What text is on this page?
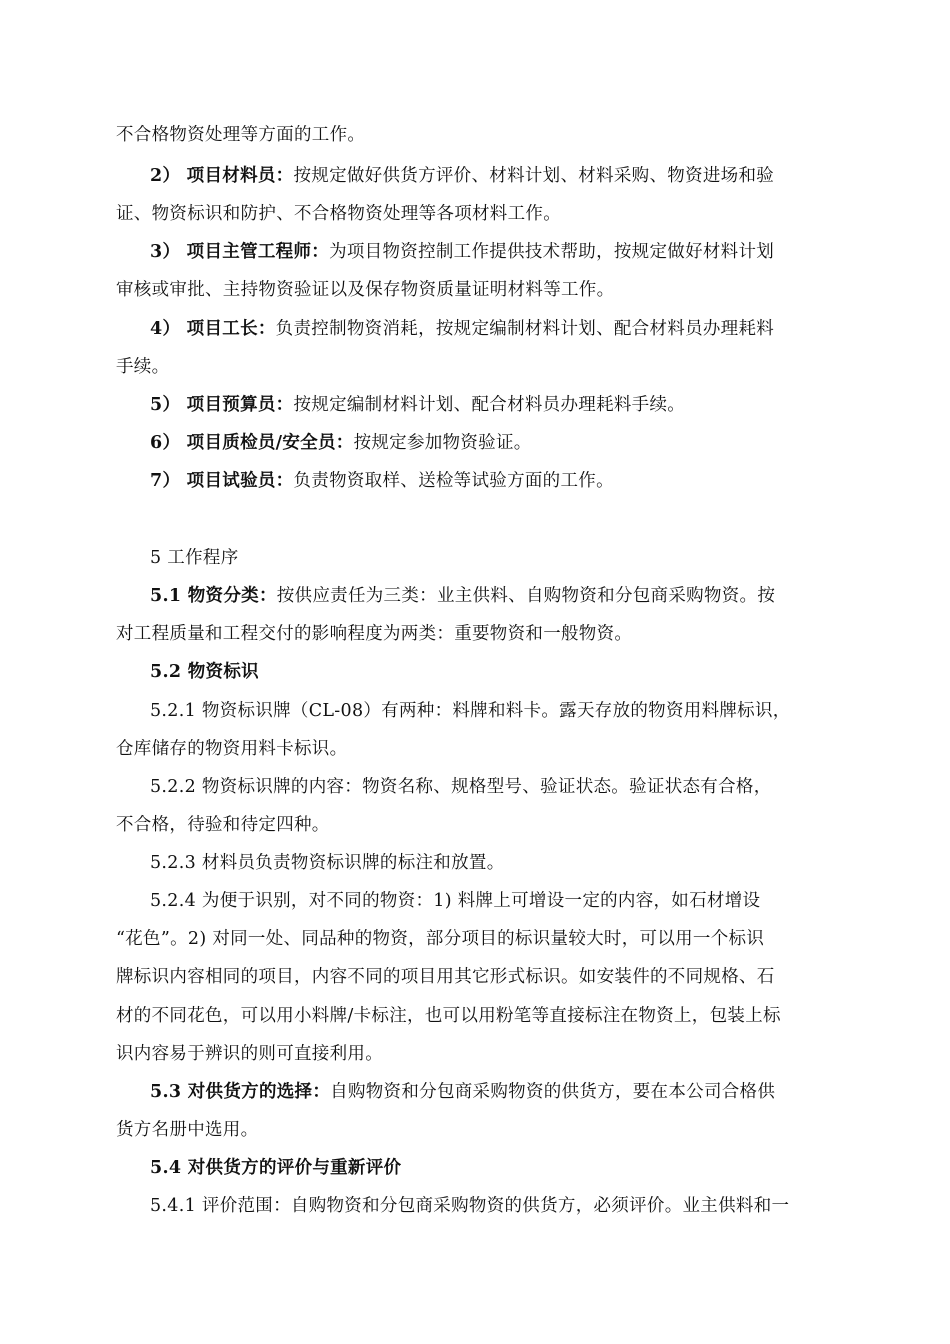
不合格物资处理等方面的工作。
2） 项目材料员：按规定做好供货方评价、材料计划、材料采购、物资进场和验
证、物资标识和防护、不合格物资处理等各项材料工作。
3） 项目主管工程师：为项目物资控制工作提供技术帮助，按规定做好材料计划
审核或审批、主持物资验证以及保存物资质量证明材料等工作。
4） 项目工长：负责控制物资消耗，按规定编制材料计划、配合材料员办理耗料
手续。
5） 项目预算员：按规定编制材料计划、配合材料员办理耗料手续。
6） 项目质检员/安全员：按规定参加物资验证。
7） 项目试验员：负责物资取样、送检等试验方面的工作。
5 工作程序
5.1 物资分类：按供应责任为三类：业主供料、自购物资和分包商采购物资。按
对工程质量和工程交付的影响程度为两类：重要物资和一般物资。
5.2 物资标识
5.2.1 物资标识牌（CL-08）有两种：料牌和料卡。露天存放的物资用料牌标识，
仓库储存的物资用料卡标识。
5.2.2 物资标识牌的内容：物资名称、规格型号、验证状态。验证状态有合格，
不合格，待验和待定四种。
5.2.3 材料员负责物资标识牌的标注和放置。
5.2.4 为便于识别，对不同的物资：1) 料牌上可增设一定的内容，如石材增设
“花色”。2) 对同一处、同品种的物资，部分项目的标识量较大时，可以用一个标识
牌标识内容相同的项目，内容不同的项目用其它形式标识。如安装件的不同规格、石
材的不同花色，可以用小料牌/卡标注，也可以用粉笔等直接标注在物资上，包装上标
识内容易于辨识的则可直接利用。
5.3 对供货方的选择：自购物资和分包商采购物资的供货方，要在本公司合格供
货方名册中选用。
5.4 对供货方的评价与重新评价
5.4.1 评价范围：自购物资和分包商采购物资的供货方，必须评价。业主供料和一
